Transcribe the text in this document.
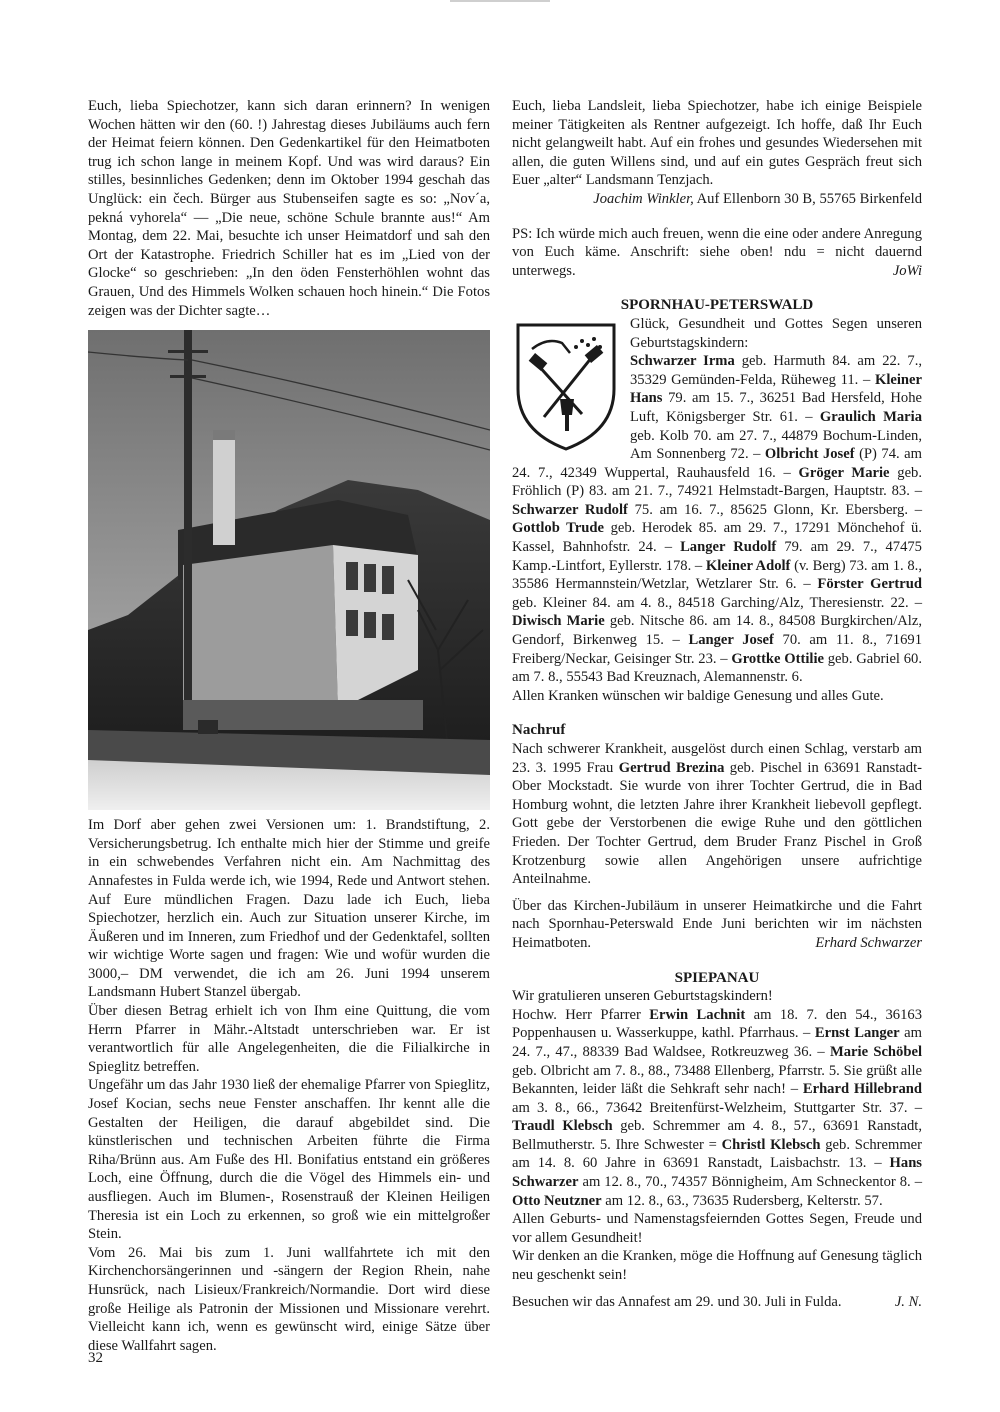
Euch, lieba Spiechotzer, kann sich daran erinnern? In wenigen Wochen hätten wir den (60. !) Jahrestag dieses Jubiläums auch fern der Heimat feiern können. Den Gedenkartikel für den Heimatboten trug ich schon lange in meinem Kopf. Und was wird daraus? Ein stilles, besinnliches Gedenken; denn im Oktober 1994 geschah das Unglück: ein čech. Bürger aus Stubenseifen sagte es so: „Nov´a, pekná vyhorela“ — „Die neue, schöne Schule brannte aus!“ Am Montag, dem 22. Mai, besuchte ich unser Heimatdorf und sah den Ort der Katastrophe. Friedrich Schiller hat es im „Lied von der Glocke“ so geschrieben: „In den öden Fensterhöhlen wohnt das Grauen, Und des Himmels Wolken schauen hoch hinein.“ Die Fotos zeigen was der Dichter sagte…

Im Dorf aber gehen zwei Versionen um: 1. Brandstiftung, 2. Versicherungsbetrug. Ich enthalte mich hier der Stimme und greife in ein schwebendes Verfahren nicht ein. Am Nachmittag des Annafestes in Fulda werde ich, wie 1994, Rede und Antwort stehen. Auf Eure mündlichen Fragen. Dazu lade ich Euch, lieba Spiechotzer, herzlich ein. Auch zur Situation unserer Kirche, im Äußeren und im Inneren, zum Friedhof und der Gedenktafel, sollten wir wichtige Worte sagen und fragen: Wie und wofür wurden die 3000,– DM verwendet, die ich am 26. Juni 1994 unserem Landsmann Hubert Stanzel übergab.

Über diesen Betrag erhielt ich von Ihm eine Quittung, die vom Herrn Pfarrer in Mähr.-Altstadt unterschrieben war. Er ist verantwortlich für alle Angelegenheiten, die die Filialkirche in Spieglitz betreffen.

Ungefähr um das Jahr 1930 ließ der ehemalige Pfarrer von Spieglitz, Josef Kocian, sechs neue Fenster anschaffen. Ihr kennt alle die Gestalten der Heiligen, die darauf abgebildet sind. Die künstlerischen und technischen Arbeiten führte die Firma Riha/Brünn aus. Am Fuße des Hl. Bonifatius entstand ein größeres Loch, eine Öffnung, durch die die Vögel des Himmels ein- und ausfliegen. Auch im Blumen-, Rosenstrauß der Kleinen Heiligen Theresia ist ein Loch zu erkennen, so groß wie ein mittelgroßer Stein.

Vom 26. Mai bis zum 1. Juni wallfahrtete ich mit den Kirchenchorsängerinnen und -sängern der Region Rhein, nahe Hunsrück, nach Lisieux/Frankreich/Normandie. Dort wird diese große Heilige als Patronin der Missionen und Missionare verehrt. Vielleicht kann ich, wenn es gewünscht wird, einige Sätze über diese Wallfahrt sagen.

Euch, lieba Landsleit, lieba Spiechotzer, habe ich einige Beispiele meiner Tätigkeiten als Rentner aufgezeigt. Ich hoffe, daß Ihr Euch nicht gelangweilt habt. Auf ein frohes und gesundes Wiedersehen mit allen, die guten Willens sind, und auf ein gutes Gespräch freut sich Euer „alter“ Landsmann Tenzjach.

Joachim Winkler, Auf Ellenborn 30 B, 55765 Birkenfeld

PS: Ich würde mich auch freuen, wenn die eine oder andere Anregung von Euch käme. Anschrift: siehe oben! ndu = nicht dauernd unterwegs.	JoWi

SPORNHAU-PETERSWALD

Glück, Gesundheit und Gottes Segen unseren Geburtstagskindern:
Schwarzer Irma geb. Harmuth 84. am 22. 7., 35329 Gemünden-Felda, Rüheweg 11. – Kleiner Hans 79. am 15. 7., 36251 Bad Hersfeld, Hohe Luft, Königsberger Str. 61. – Graulich Maria geb. Kolb 70. am 27. 7., 44879 Bochum-Linden, Am Sonnenberg 72. – Olbricht Josef (P) 74. am 24. 7., 42349 Wuppertal, Rauhausfeld 16. – Gröger Marie geb. Fröhlich (P) 83. am 21. 7., 74921 Helmstadt-Bargen, Hauptstr. 83. – Schwarzer Rudolf 75. am 16. 7., 85625 Glonn, Kr. Ebersberg. – Gottlob Trude geb. Herodek 85. am 29. 7., 17291 Mönchehof ü. Kassel, Bahnhofstr. 24. – Langer Rudolf 79. am 29. 7., 47475 Kamp.-Lintfort, Eyllerstr. 178. – Kleiner Adolf (v. Berg) 73. am 1. 8., 35586 Hermannstein/Wetzlar, Wetzlarer Str. 6. – Förster Gertrud geb. Kleiner 84. am 4. 8., 84518 Garching/Alz, Theresienstr. 22. – Diwisch Marie geb. Nitsche 86. am 14. 8., 84508 Burgkirchen/Alz, Gendorf, Birkenweg 15. – Langer Josef 70. am 11. 8., 71691 Freiberg/Neckar, Geisinger Str. 23. – Grottke Ottilie geb. Gabriel 60. am 7. 8., 55543 Bad Kreuznach, Alemannenstr. 6.

Allen Kranken wünschen wir baldige Genesung und alles Gute.

Nachruf

Nach schwerer Krankheit, ausgelöst durch einen Schlag, verstarb am 23. 3. 1995 Frau Gertrud Brezina geb. Pischel in 63691 Ranstadt-Ober Mockstadt. Sie wurde von ihrer Tochter Gertrud, die in Bad Homburg wohnt, die letzten Jahre ihrer Krankheit liebevoll gepflegt. Gott gebe der Verstorbenen die ewige Ruhe und den göttlichen Frieden. Der Tochter Gertrud, dem Bruder Franz Pischel in Groß Krotzenburg sowie allen Angehörigen unsere aufrichtige Anteilnahme.

Über das Kirchen-Jubiläum in unserer Heimatkirche und die Fahrt nach Spornhau-Peterswald Ende Juni berichten wir im nächsten Heimatboten.	Erhard Schwarzer

SPIEPANAU

Wir gratulieren unseren Geburtstagskindern!

Hochw. Herr Pfarrer Erwin Lachnit am 18. 7. den 54., 36163 Poppenhausen u. Wasserkuppe, kathl. Pfarrhaus. – Ernst Langer am 24. 7., 47., 88339 Bad Waldsee, Rotkreuzweg 36. – Marie Schöbel geb. Olbricht am 7. 8., 88., 73488 Ellenberg, Pfarrstr. 5. Sie grüßt alle Bekannten, leider läßt die Sehkraft sehr nach! – Erhard Hillebrand am 3. 8., 66., 73642 Breitenfürst-Welzheim, Stuttgarter Str. 37. – Traudl Klebsch geb. Schremmer am 4. 8., 57., 63691 Ranstadt, Bellmutherstr. 5. Ihre Schwester = Christl Klebsch geb. Schremmer am 14. 8. 60 Jahre in 63691 Ranstadt, Laisbachstr. 13. – Hans Schwarzer am 12. 8., 70., 74357 Bönnigheim, Am Schneckentor 8. – Otto Neutzner am 12. 8., 63., 73635 Rudersberg, Kelterstr. 57.

Allen Geburts- und Namenstagsfeiernden Gottes Segen, Freude und vor allem Gesundheit!

Wir denken an die Kranken, möge die Hoffnung auf Genesung täglich neu geschenkt sein!

Besuchen wir das Annafest am 29. und 30. Juli in Fulda.	J. N.

32
